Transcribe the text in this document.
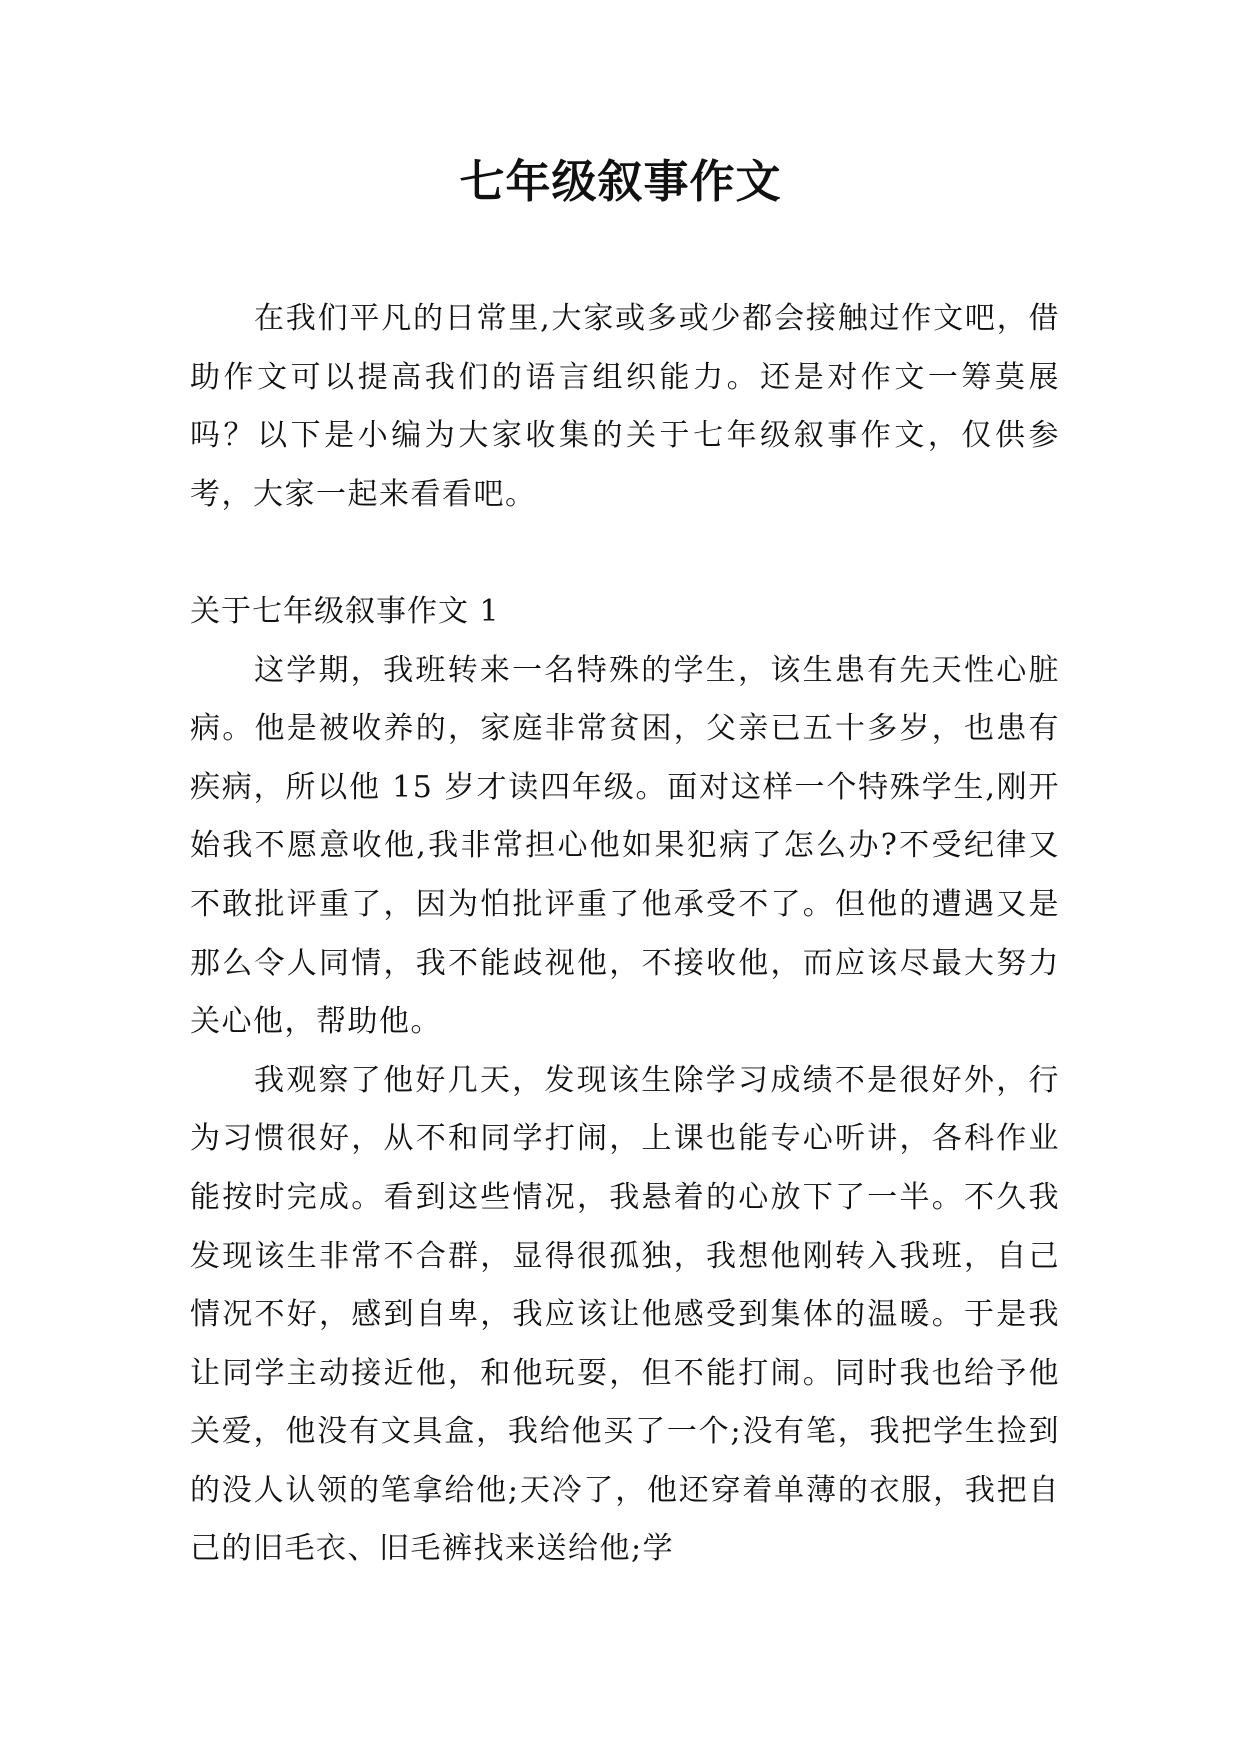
七年级叙事作文

在我们平凡的日常里,大家或多或少都会接触过作文吧，借助作文可以提高我们的语言组织能力。还是对作文一筹莫展吗？以下是小编为大家收集的关于七年级叙事作文，仅供参考，大家一起来看看吧。

关于七年级叙事作文 1

这学期，我班转来一名特殊的学生，该生患有先天性心脏病。他是被收养的，家庭非常贫困，父亲已五十多岁，也患有疾病，所以他 15 岁才读四年级。面对这样一个特殊学生,刚开始我不愿意收他,我非常担心他如果犯病了怎么办?不受纪律又不敢批评重了，因为怕批评重了他承受不了。但他的遭遇又是那么令人同情，我不能歧视他，不接收他，而应该尽最大努力关心他，帮助他。

我观察了他好几天，发现该生除学习成绩不是很好外，行为习惯很好，从不和同学打闹，上课也能专心听讲，各科作业能按时完成。看到这些情况，我悬着的心放下了一半。不久我发现该生非常不合群，显得很孤独，我想他刚转入我班，自己情况不好，感到自卑，我应该让他感受到集体的温暖。于是我让同学主动接近他，和他玩耍，但不能打闹。同时我也给予他关爱，他没有文具盒，我给他买了一个;没有笔，我把学生捡到的没人认领的笔拿给他;天冷了，他还穿着单薄的衣服，我把自己的旧毛衣、旧毛裤找来送给他;学
